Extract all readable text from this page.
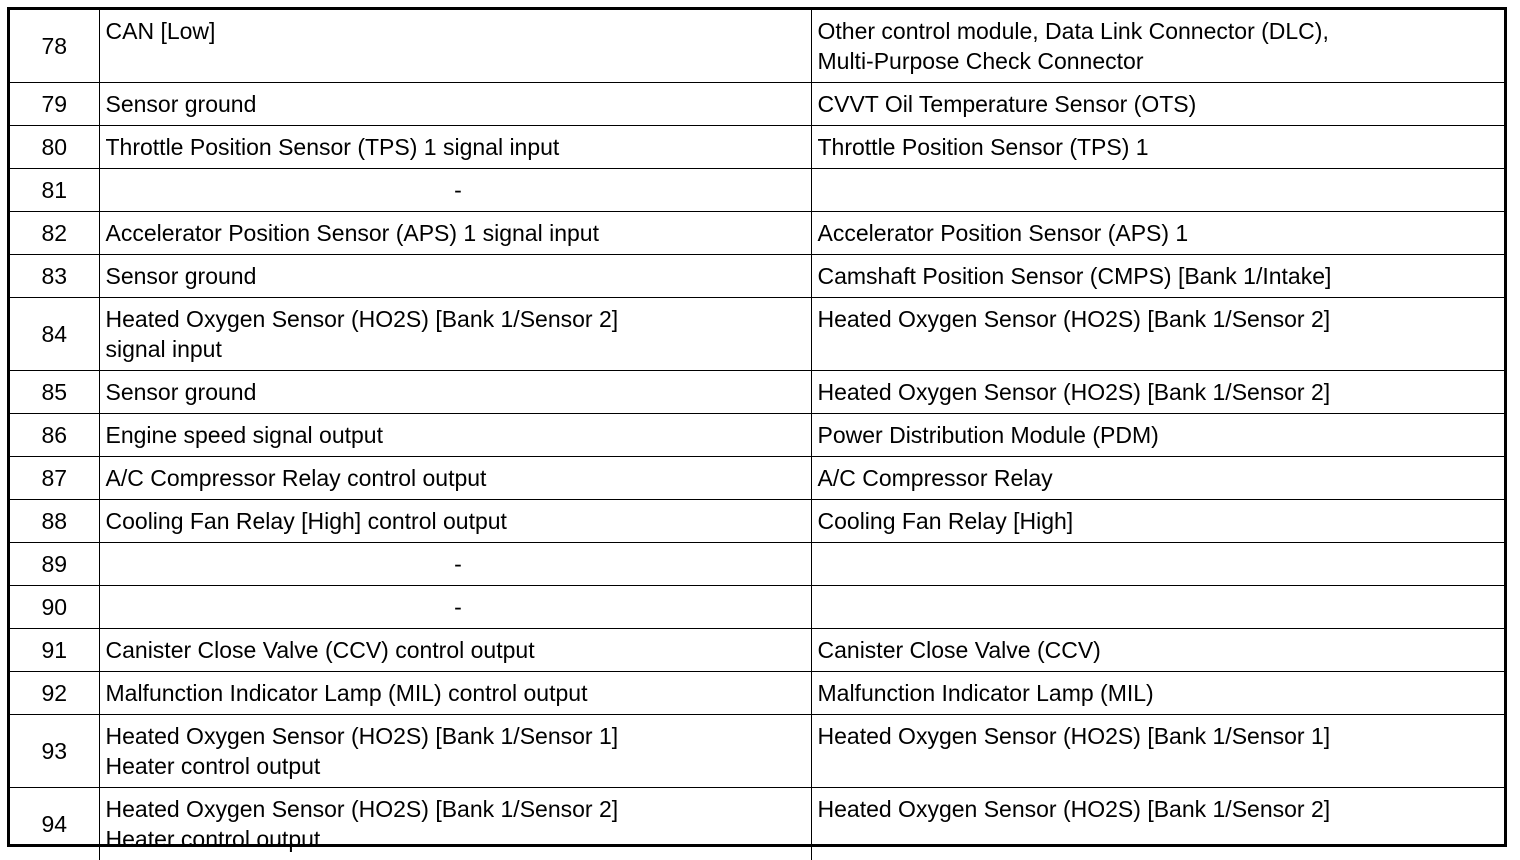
78	CAN [Low]	Other control module, Data Link Connector (DLC),
Multi-Purpose Check Connector

79	Sensor ground	CVVT Oil Temperature Sensor (OTS)

80	Throttle Position Sensor (TPS) 1 signal input	Throttle Position Sensor (TPS) 1

81	-	

82	Accelerator Position Sensor (APS) 1 signal input	Accelerator Position Sensor (APS) 1

83	Sensor ground	Camshaft Position Sensor (CMPS) [Bank 1/Intake]

84	Heated Oxygen Sensor (HO2S) [Bank 1/Sensor 2]
signal input	Heated Oxygen Sensor (HO2S) [Bank 1/Sensor 2]

85	Sensor ground	Heated Oxygen Sensor (HO2S) [Bank 1/Sensor 2]

86	Engine speed signal output	Power Distribution Module (PDM)

87	A/C Compressor Relay control output	A/C Compressor Relay

88	Cooling Fan Relay [High] control output	Cooling Fan Relay [High]

89	-	

90	-	

91	Canister Close Valve (CCV) control output	Canister Close Valve (CCV)

92	Malfunction Indicator Lamp (MIL) control output	Malfunction Indicator Lamp (MIL)

93	Heated Oxygen Sensor (HO2S) [Bank 1/Sensor 1]
Heater control output	Heated Oxygen Sensor (HO2S) [Bank 1/Sensor 1]

94	Heated Oxygen Sensor (HO2S) [Bank 1/Sensor 2]
Heater control output	Heated Oxygen Sensor (HO2S) [Bank 1/Sensor 2]
